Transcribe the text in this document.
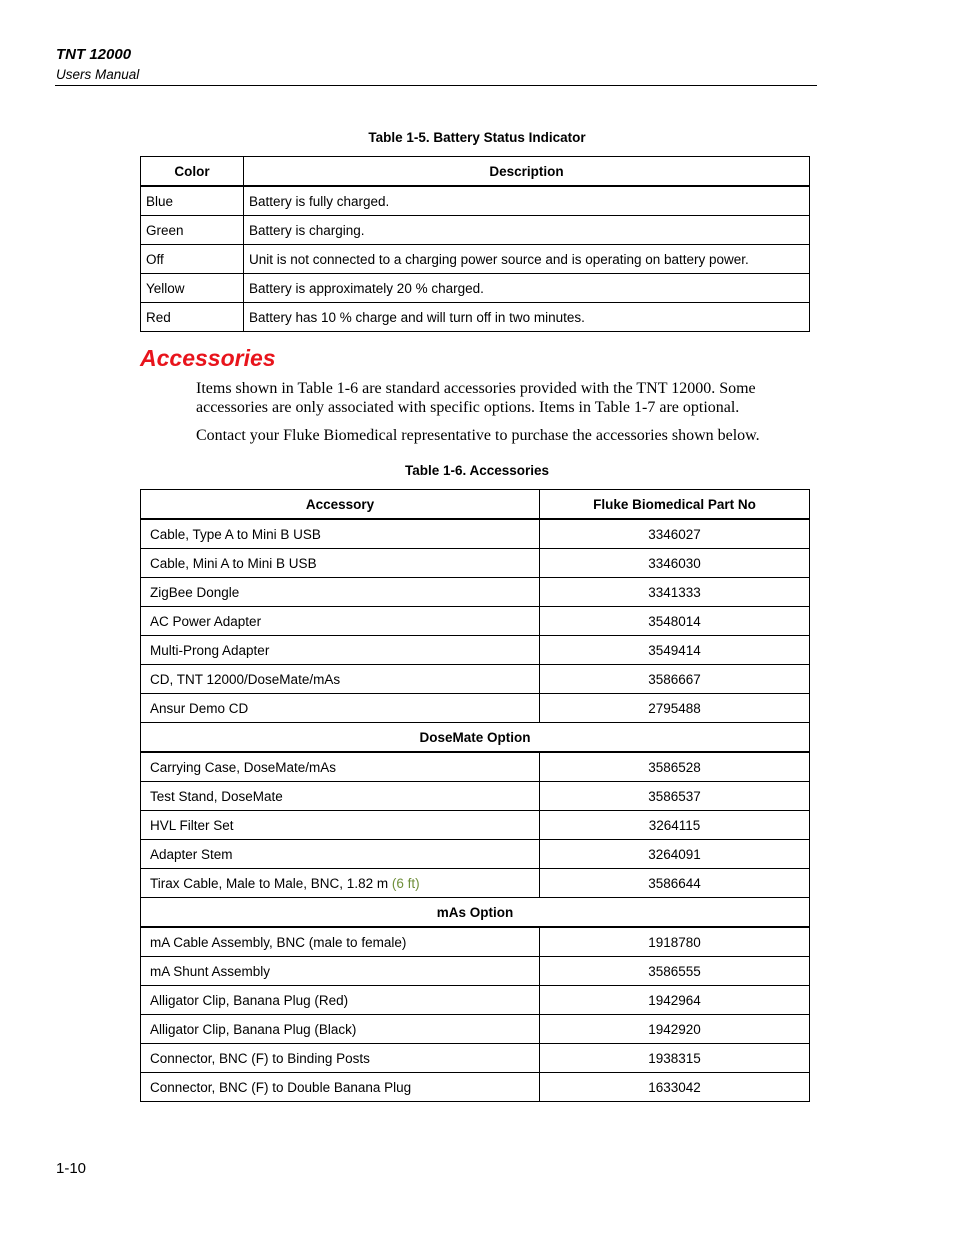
TNT 12000
Users Manual
Table 1-5. Battery Status Indicator
Color	Description
Blue	Battery is fully charged.
Green	Battery is charging.
Off	Unit is not connected to a charging power source and is operating on battery power.
Yellow	Battery is approximately 20 % charged.
Red	Battery has 10 % charge and will turn off in two minutes.
Accessories
Items shown in Table 1-6 are standard accessories provided with the TNT 12000. Some accessories are only associated with specific options. Items in Table 1-7 are optional.
Contact your Fluke Biomedical representative to purchase the accessories shown below.
Table 1-6. Accessories
Accessory	Fluke Biomedical Part No
Cable, Type A to Mini B USB	3346027
Cable, Mini A to Mini B USB	3346030
ZigBee Dongle	3341333
AC Power Adapter	3548014
Multi-Prong Adapter	3549414
CD, TNT 12000/DoseMate/mAs	3586667
Ansur Demo CD	2795488
DoseMate Option	
Carrying Case, DoseMate/mAs	3586528
Test Stand, DoseMate	3586537
HVL Filter Set	3264115
Adapter Stem	3264091
Tirax Cable, Male to Male, BNC, 1.82 m (6 ft)	3586644
mAs Option	
mA Cable Assembly, BNC (male to female)	1918780
mA Shunt Assembly	3586555
Alligator Clip, Banana Plug (Red)	1942964
Alligator Clip, Banana Plug (Black)	1942920
Connector, BNC (F) to Binding Posts	1938315
Connector, BNC (F) to Double Banana Plug	1633042
1-10
